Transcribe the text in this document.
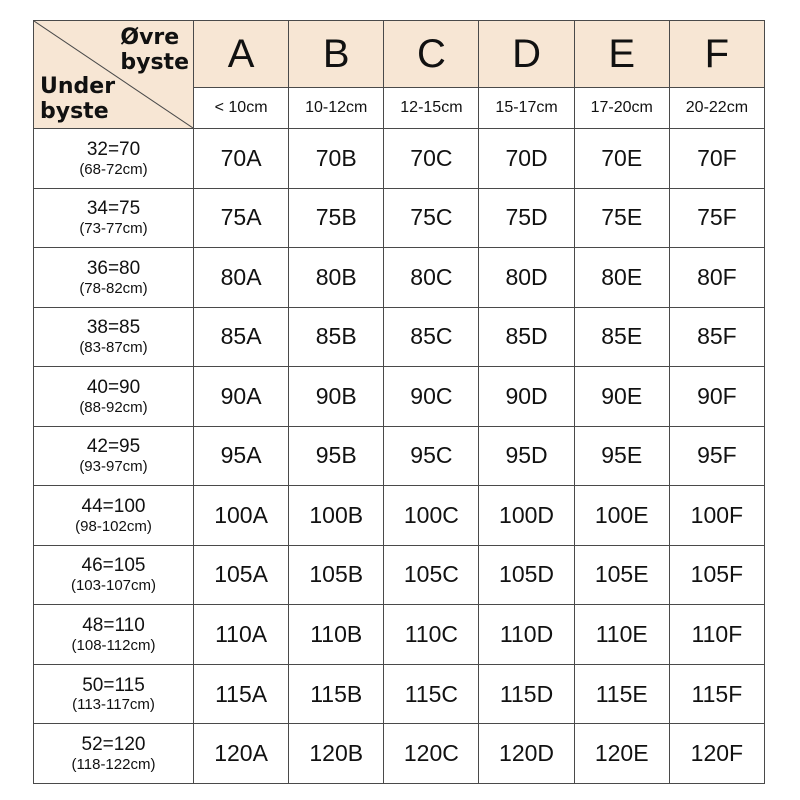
Øvre
byste
Under
byste	A	B	C	D	E	F
	< 10cm	10-12cm	12-15cm	15-17cm	17-20cm	20-22cm

32=70
(68-72cm)	70A	70B	70C	70D	70E	70F

34=75
(73-77cm)	75A	75B	75C	75D	75E	75F

36=80
(78-82cm)	80A	80B	80C	80D	80E	80F

38=85
(83-87cm)	85A	85B	85C	85D	85E	85F

40=90
(88-92cm)	90A	90B	90C	90D	90E	90F

42=95
(93-97cm)	95A	95B	95C	95D	95E	95F

44=100
(98-102cm)	100A	100B	100C	100D	100E	100F

46=105
(103-107cm)	105A	105B	105C	105D	105E	105F

48=110
(108-112cm)	110A	110B	110C	110D	110E	110F

50=115
(113-117cm)	115A	115B	115C	115D	115E	115F

52=120
(118-122cm)	120A	120B	120C	120D	120E	120F
